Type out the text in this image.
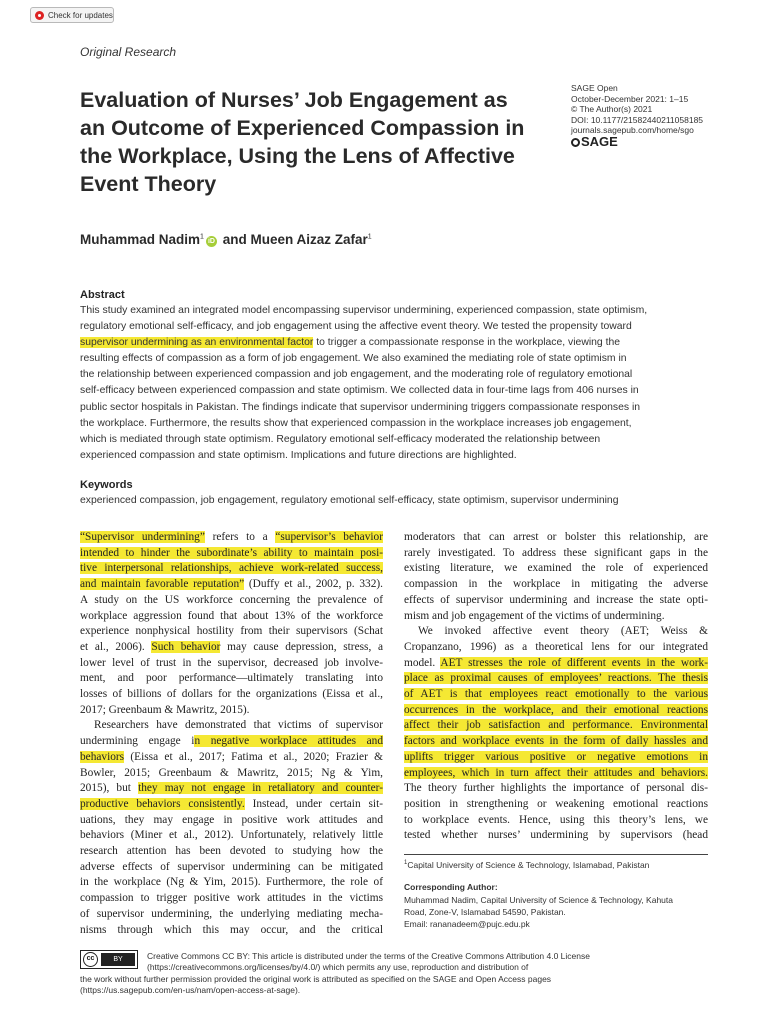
Check for updates
Original Research
Evaluation of Nurses’ Job Engagement as an Outcome of Experienced Compassion in the Workplace, Using the Lens of Affective Event Theory
SAGE Open
October-December 2021: 1–15
© The Author(s) 2021
DOI: 10.1177/21582440211058185
journals.sagepub.com/home/sgo
SAGE
Muhammad Nadim$^1$iD and Mueen Aizaz Zafar$^1$
Abstract
This study examined an integrated model encompassing supervisor undermining, experienced compassion, state optimism,
regulatory emotional self-efficacy, and job engagement using the affective event theory. We tested the propensity toward
supervisor undermining as an environmental factor to trigger a compassionate response in the workplace, viewing the
resulting effects of compassion as a form of job engagement. We also examined the mediating role of state optimism in
the relationship between experienced compassion and job engagement, and the moderating role of regulatory emotional
self-efficacy between experienced compassion and state optimism. We collected data in four-time lags from 406 nurses in
public sector hospitals in Pakistan. The findings indicate that supervisor undermining triggers compassionate responses in
the workplace. Furthermore, the results show that experienced compassion in the workplace increases job engagement,
which is mediated through state optimism. Regulatory emotional self-efficacy moderated the relationship between
experienced compassion and state optimism. Implications and future directions are highlighted.
Keywords
experienced compassion, job engagement, regulatory emotional self-efficacy, state optimism, supervisor undermining
“Supervisor undermining” refers to a “supervisor’s behavior
intended to hinder the subordinate’s ability to maintain posi-
tive interpersonal relationships, achieve work-related success,
and maintain favorable reputation” (Duffy et al., 2002, p. 332).
A study on the US workforce concerning the prevalence of
workplace aggression found that about 13% of the workforce
experience nonphysical hostility from their supervisors (Schat
et al., 2006). Such behavior may cause depression, stress, a
lower level of trust in the supervisor, decreased job involve-
ment, and poor performance—ultimately translating into
losses of billions of dollars for the organizations (Eissa et al.,
2017; Greenbaum & Mawritz, 2015).
Researchers have demonstrated that victims of supervisor
undermining engage in negative workplace attitudes and
behaviors (Eissa et al., 2017; Fatima et al., 2020; Frazier &
Bowler, 2015; Greenbaum & Mawritz, 2015; Ng & Yim,
2015), but they may not engage in retaliatory and counter-
productive behaviors consistently. Instead, under certain sit-
uations, they may engage in positive work attitudes and
behaviors (Miner et al., 2012). Unfortunately, relatively little
research attention has been devoted to studying how the
adverse effects of supervisor undermining can be mitigated
in the workplace (Ng & Yim, 2015). Furthermore, the role of
compassion to trigger positive work attitudes in the victims
of supervisor undermining, the underlying mediating mecha-
nisms through which this may occur, and the critical
moderators that can arrest or bolster this relationship, are
rarely investigated. To address these significant gaps in the
existing literature, we examined the role of experienced
compassion in the workplace in mitigating the adverse
effects of supervisor undermining and increase the state opti-
mism and job engagement of the victims of undermining.
We invoked affective event theory (AET; Weiss &
Cropanzano, 1996) as a theoretical lens for our integrated
model. AET stresses the role of different events in the work-
place as proximal causes of employees’ reactions. The thesis
of AET is that employees react emotionally to the various
occurrences in the workplace, and their emotional reactions
affect their job satisfaction and performance. Environmental
factors and workplace events in the form of daily hassles and
uplifts trigger various positive or negative emotions in
employees, which in turn affect their attitudes and behaviors.
The theory further highlights the importance of personal dis-
position in strengthening or weakening emotional reactions
to workplace events. Hence, using this theory’s lens, we
tested whether nurses’ undermining by supervisors (head
$^1$Capital University of Science & Technology, Islamabad, Pakistan
Corresponding Author:
Muhammad Nadim, Capital University of Science & Technology, Kahuta
Road, Zone-V, Islamabad 54590, Pakistan.
Email: rananadeem@pujc.edu.pk
cc	BY	Creative Commons CC BY: This article is distributed under the terms of the Creative Commons Attribution 4.0 License
(https://creativecommons.org/licenses/by/4.0/) which permits any use, reproduction and distribution of
the work without further permission provided the original work is attributed as specified on the SAGE and Open Access pages
(https://us.sagepub.com/en-us/nam/open-access-at-sage).
